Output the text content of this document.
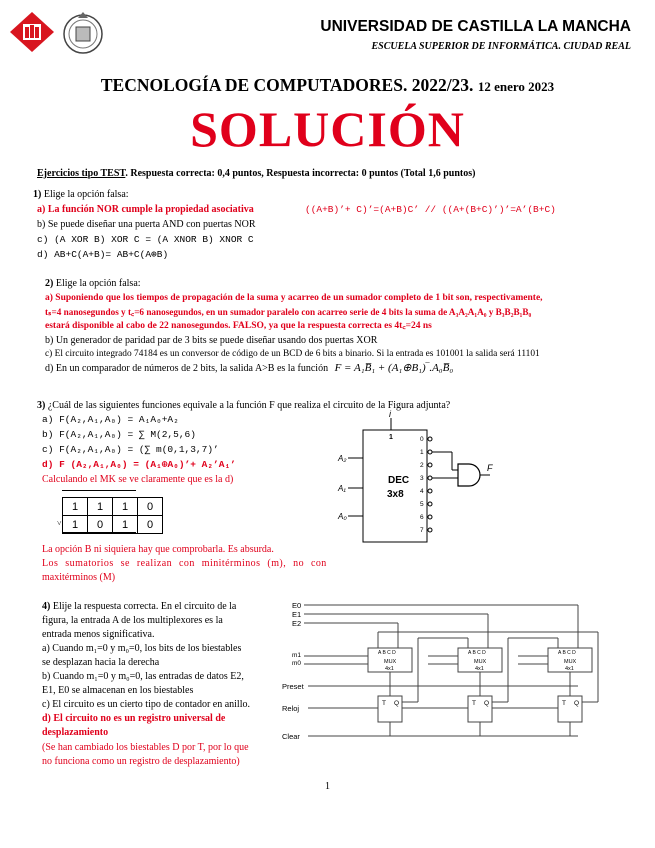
UNIVERSIDAD DE CASTILLA LA MANCHA
ESCUELA SUPERIOR DE INFORMÁTICA. CIUDAD REAL
TECNOLOGÍA DE COMPUTADORES. 2022/23. 12 enero 2023
SOLUCIÓN
Ejercicios tipo TEST. Respuesta correcta: 0,4 puntos, Respuesta incorrecta: 0 puntos (Total 1,6 puntos)
1) Elige la opción falsa:
a) La función NOR cumple la propiedad asociativa	((A+B)’+ C)’=(A+B)C’ // ((A+(B+C)’)’=A’(B+C)
b) Se puede diseñar una puerta AND con puertas NOR
c) (A XOR B) XOR C = (A XNOR B) XNOR C
d) AB+C(A+B)= AB+C(A⊕B)
2) Elige la opción falsa:
a) Suponiendo que los tiempos de propagación de la suma y acarreo de un sumador completo de 1 bit son, respectivamente,
tₛ=4 nanosegundos y t꜀=6 nanosegundos, en un sumador paralelo con acarreo serie de 4 bits la suma de A₃A₂A₁A₀ y B₃B₂B₁B₀
estará disponible al cabo de 22 nanosegundos. FALSO, ya que la respuesta correcta es 4t꜀=24 ns
b) Un generador de paridad par de 3 bits se puede diseñar usando dos puertas XOR
c) El circuito integrado 74184 es un conversor de código de un BCD de 6 bits a binario. Si la entrada es 101001 la salida será 11101
d) En un comparador de números de 2 bits, la salida A>B es la función F = A₁B̅₁ + (A₁⊕B₁)‾.A₀B̅₀
3) ¿Cuál de las siguientes funciones equivale a la función F que realiza el circuito de la Figura adjunta?
a) F(A₂,A₁,A₀) = A₁A₀+A₂
b) F(A₂,A₁,A₀) = ∑ M(2,5,6)
c) F(A₂,A₁,A₀) = (∑ m(0,1,3,7)’
d) F (A₂,A₁,A₀) = (A₁⊕A₀)’+ A₂’A₁’
Calculando el MK se ve claramente que es la d)
˅
1	1	1	0
1	0	1	0
La opción B ni siquiera hay que comprobarla. Es absurda.
Los sumatorios se realizan con minitérminos (m), no con
maxitérminos (M)
i
1
A₂
A₁
A₀
DEC
3x8
0
1
2
3
4
5
6
7
F
4) Elije la respuesta correcta. En el circuito de la
figura, la entrada A de los multiplexores es la
entrada menos significativa.
a) Cuando m₁=0 y m₀=0, los bits de los biestables
se desplazan hacia la derecha
b) Cuando m₁=0 y m₀=0, las entradas de datos E2,
E1, E0 se almacenan en los biestables
c) El circuito es un cierto tipo de contador en anillo.
d) El circuito no es un registro universal de
desplazamiento
(Se han cambiado los biestables D por T, por lo que
no funciona como un registro de desplazamiento)
E0
E1
E2
m1
m0
A B C D
MUX
4x1
A B C D
MUX
4x1
A B C D
MUX
4x1
Preset
Reloj
Clear
T Q	T Q	T Q
1
